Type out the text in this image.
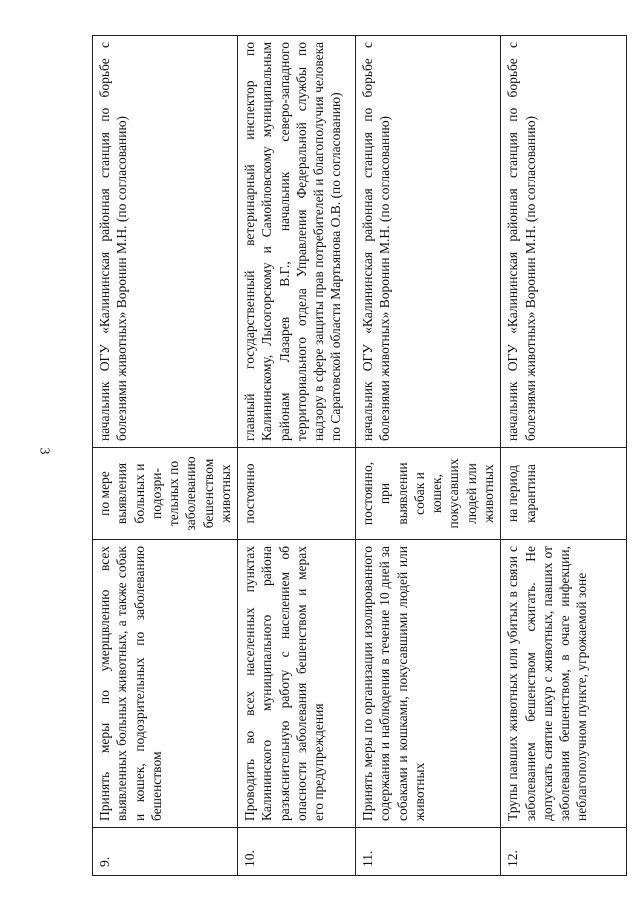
3
9.	Принять меры по умерщвлению всех выявленных больных животных, а также собак и кошек, подозрительных по заболеванию бешенством	по мере выявления больных и подозри-тельных по заболеванию бешенством животных	начальник ОГУ «Калининская районная станция по борьбе с болезнями животных» Воронин М.Н. (по согласованию)
10.	Проводить во всех населенных пунктах Калининского муниципального района разъяснительную работу с населением об опасности заболевания бешенством и мерах его предупреждения	постоянно	главный государственный ветеринарный инспектор по Калининскому, Лысогорскому и Самойловскому муниципальным районам Лазарев В.Г., начальник северо-западного территориального отдела Управления Федеральной службы по надзору в сфере защиты прав потребителей и благополучия человека по Саратовской области Мартьянова О.В. (по согласованию)
11.	Принять меры по организации изолированного содержания и наблюдения в течение 10 дней за собаками и кошками, покусавшими людей или животных	постоянно, при выявлении собак и кошек, покусавших людей или животных	начальник ОГУ «Калининская районная станция по борьбе с болезнями животных» Воронин М.Н. (по согласованию)
12.	Трупы павших животных или убитых в связи с заболеванием бешенством сжигать. Не допускать снятие шкур с животных, павших от заболевания бешенством, в очаге инфекции, неблагополучном пункте, угрожаемой зоне	на период карантина	начальник ОГУ «Калининская районная станция по борьбе с болезнями животных» Воронин М.Н. (по согласованию)
